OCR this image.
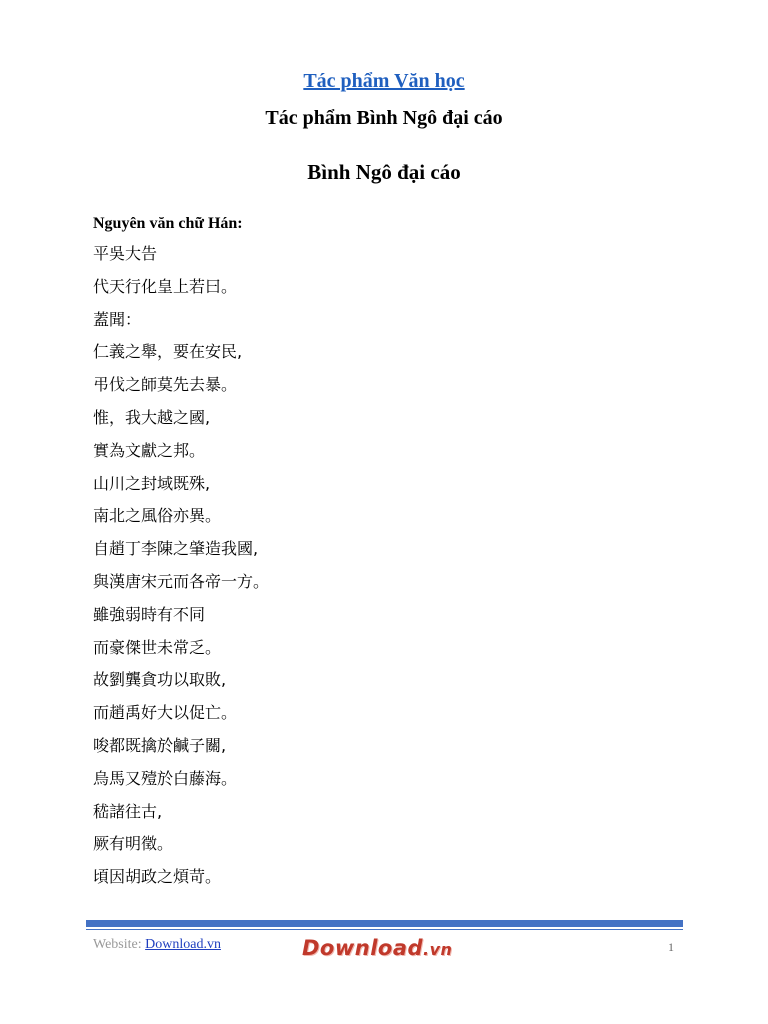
Tác phẩm Văn học
Tác phẩm Bình Ngô đại cáo
Bình Ngô đại cáo
Nguyên văn chữ Hán:
平吳大告
代天行化皇上若曰。
蓋聞：
仁義之舉，要在安民,
弔伐之師莫先去暴。
惟，我大越之國,
實為文獻之邦。
山川之封域既殊,
南北之風俗亦異。
自趙丁李陳之肇造我國,
與漢唐宋元而各帝一方。
雖強弱時有不同
而豪傑世未常乏。
故劉龔貪功以取敗,
而趙禹好大以促亡。
唆都既擒於鹹子關,
烏馬又殪於白藤海。
嵇諸往古,
厥有明徵。
頃因胡政之煩苛。
Website: Download.vn	Download.vn	1
